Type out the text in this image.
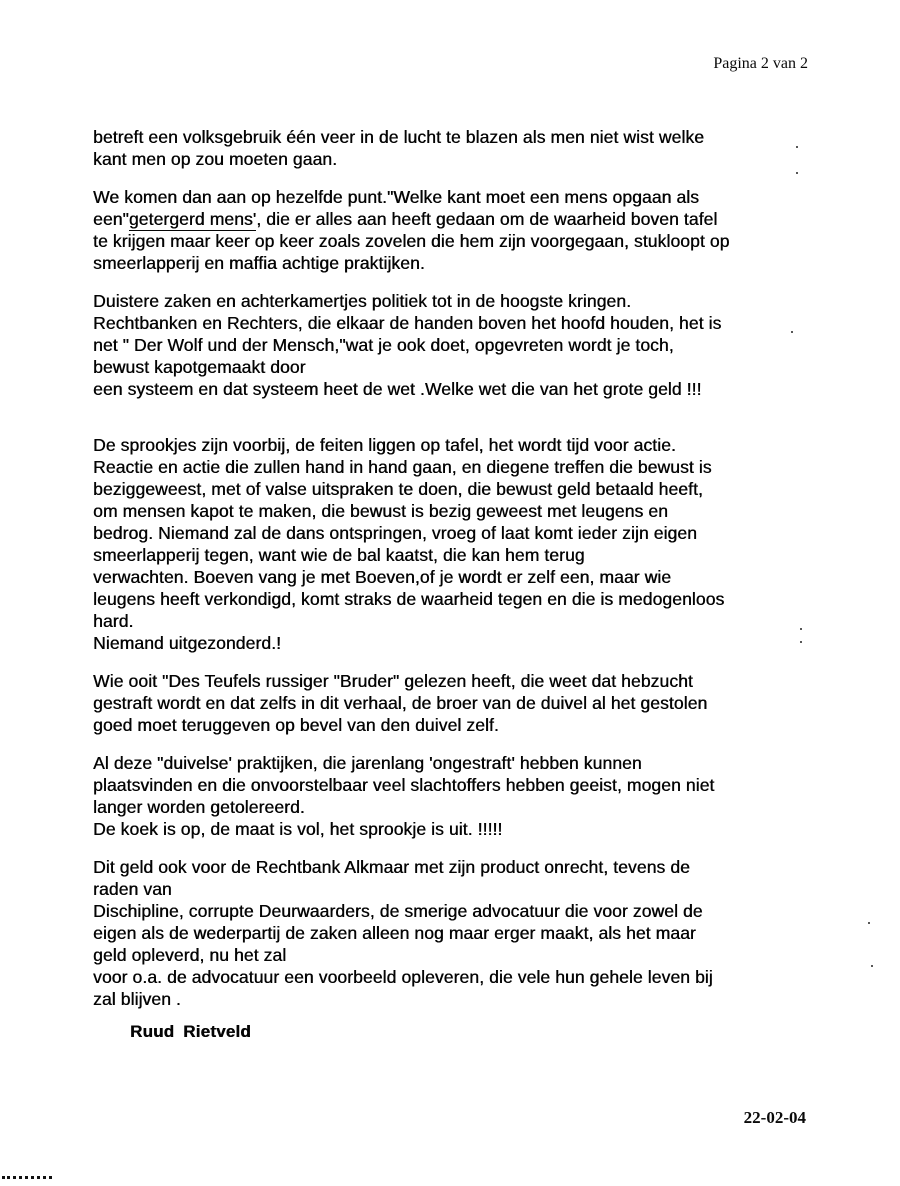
Pagina 2 van 2

betreft een volksgebruik één veer in de lucht te blazen als men niet wist welke
kant men op zou moeten gaan.

We komen dan aan op hezelfde punt."Welke kant moet een mens opgaan als
een"getergerd mens', die er alles aan heeft gedaan om de waarheid boven tafel
te krijgen maar keer op keer zoals zovelen die hem zijn voorgegaan, stukloopt op
smeerlapperij en maffia achtige praktijken.

Duistere zaken en achterkamertjes politiek tot in de hoogste kringen.
Rechtbanken en Rechters, die elkaar de handen boven het hoofd houden, het is
net " Der Wolf und der Mensch,"wat je ook doet, opgevreten wordt je toch,
bewust kapotgemaakt door
een systeem en dat systeem heet de wet .Welke wet die van het grote geld !!!

De sprookjes zijn voorbij, de feiten liggen op tafel, het wordt tijd voor actie.
Reactie en actie die zullen hand in hand gaan, en diegene treffen die bewust is
beziggeweest, met of valse uitspraken te doen, die bewust geld betaald heeft,
om mensen kapot te maken, die bewust is bezig geweest met leugens en
bedrog. Niemand zal de dans ontspringen, vroeg of laat komt ieder zijn eigen
smeerlapperij tegen, want wie de bal kaatst, die kan hem terug
verwachten. Boeven vang je met Boeven,of je wordt er zelf een, maar wie
leugens heeft verkondigd, komt straks de waarheid tegen en die is medogenloos
hard.
Niemand uitgezonderd.!

Wie ooit "Des Teufels russiger "Bruder" gelezen heeft, die weet dat hebzucht
gestraft wordt en dat zelfs in dit verhaal, de broer van de duivel al het gestolen
goed moet teruggeven op bevel van den duivel zelf.

Al deze "duivelse' praktijken, die jarenlang 'ongestraft' hebben kunnen
plaatsvinden en die onvoorstelbaar veel slachtoffers hebben geeist, mogen niet
langer worden getolereerd.
De koek is op, de maat is vol, het sprookje is uit. !!!!!

Dit geld ook voor de Rechtbank Alkmaar met zijn product onrecht, tevens de
raden van
Dischipline, corrupte Deurwaarders, de smerige advocatuur die voor zowel de
eigen als de wederpartij de zaken alleen nog maar erger maakt, als het maar
geld opleverd, nu het zal
voor o.a. de advocatuur een voorbeeld opleveren, die vele hun gehele leven bij
zal blijven .

Ruud Rietveld
22-02-04
